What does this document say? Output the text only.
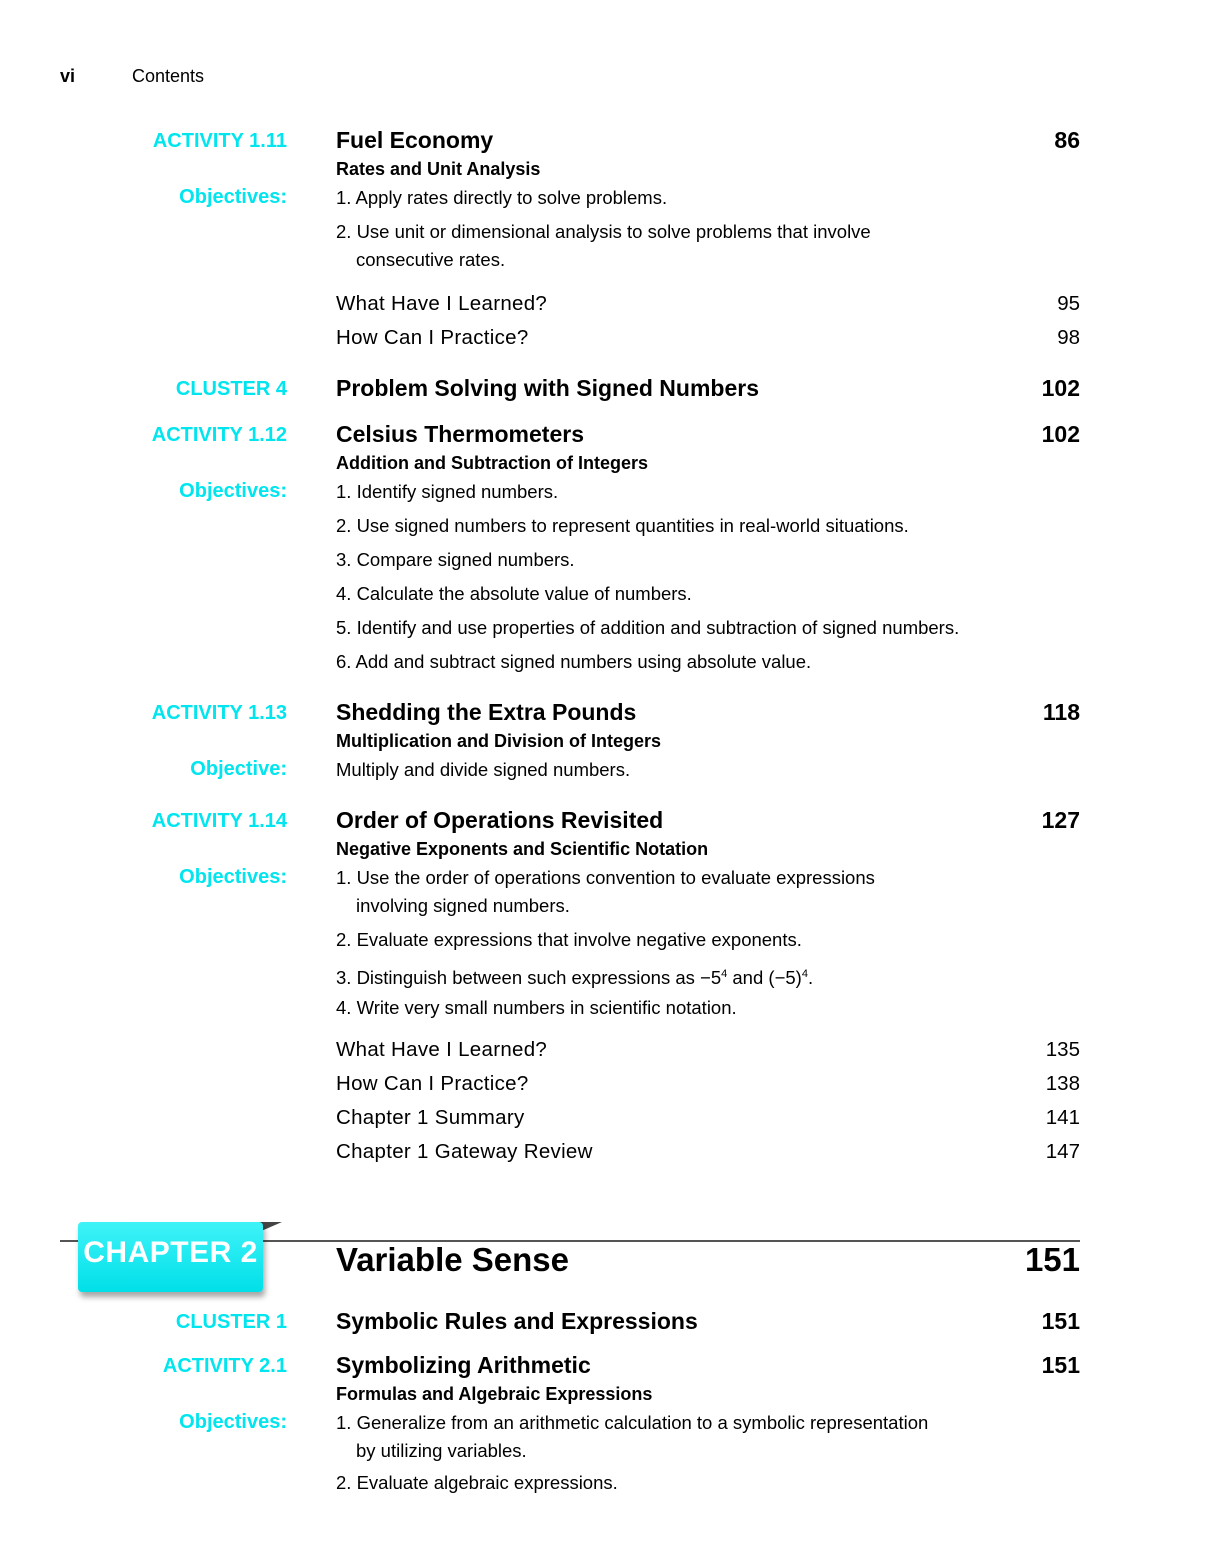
vi	Contents
ACTIVITY 1.11 Fuel Economy	86
Rates and Unit Analysis
Objectives:	1. Apply rates directly to solve problems.
2. Use unit or dimensional analysis to solve problems that involve
consecutive rates.
What Have I Learned?	95
How Can I Practice?	98
CLUSTER 4 Problem Solving with Signed Numbers	102
ACTIVITY 1.12 Celsius Thermometers	102
Addition and Subtraction of Integers
Objectives:	1. Identify signed numbers.
2. Use signed numbers to represent quantities in real-world situations.
3. Compare signed numbers.
4. Calculate the absolute value of numbers.
5. Identify and use properties of addition and subtraction of signed numbers.
6. Add and subtract signed numbers using absolute value.
ACTIVITY 1.13 Shedding the Extra Pounds	118
Multiplication and Division of Integers
Objective:	Multiply and divide signed numbers.
ACTIVITY 1.14 Order of Operations Revisited	127
Negative Exponents and Scientific Notation
Objectives:	1. Use the order of operations convention to evaluate expressions
involving signed numbers.
2. Evaluate expressions that involve negative exponents.
3. Distinguish between such expressions as $-5^4$ and $(-5)^4$.
4. Write very small numbers in scientific notation.
What Have I Learned?	135
How Can I Practice?	138
Chapter 1 Summary	141
Chapter 1 Gateway Review	147
CHAPTER 2 Variable Sense	151
CLUSTER 1 Symbolic Rules and Expressions	151
ACTIVITY 2.1 Symbolizing Arithmetic	151
Formulas and Algebraic Expressions
Objectives:	1. Generalize from an arithmetic calculation to a symbolic representation
by utilizing variables.
2. Evaluate algebraic expressions.
